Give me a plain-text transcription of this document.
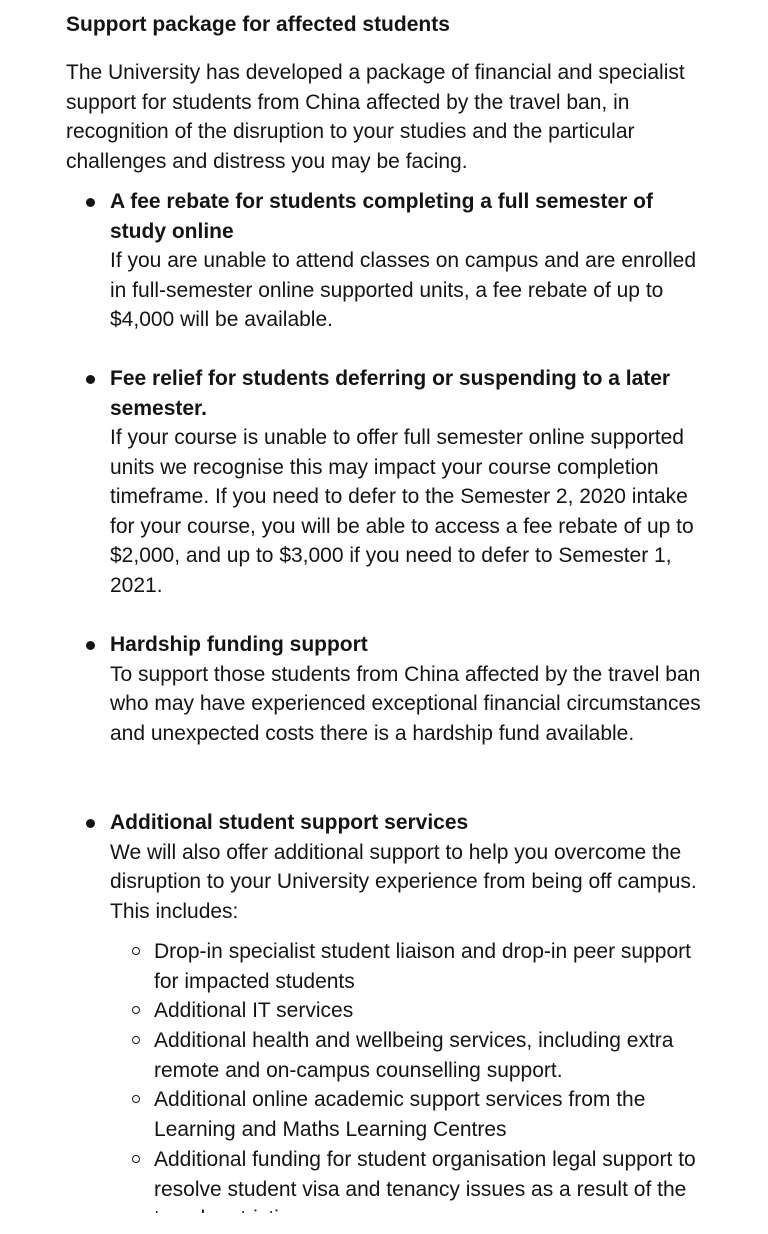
Support package for affected students
The University has developed a package of financial and specialist support for students from China affected by the travel ban, in recognition of the disruption to your studies and the particular challenges and distress you may be facing.
A fee rebate for students completing a full semester of study online
If you are unable to attend classes on campus and are enrolled in full-semester online supported units, a fee rebate of up to $4,000 will be available.
Fee relief for students deferring or suspending to a later semester.
If your course is unable to offer full semester online supported units we recognise this may impact your course completion timeframe. If you need to defer to the Semester 2, 2020 intake for your course, you will be able to access a fee rebate of up to $2,000, and up to $3,000 if you need to defer to Semester 1, 2021.
Hardship funding support
To support those students from China affected by the travel ban who may have experienced exceptional financial circumstances and unexpected costs there is a hardship fund available.
Additional student support services
We will also offer additional support to help you overcome the disruption to your University experience from being off campus. This includes:
Drop-in specialist student liaison and drop-in peer support for impacted students
Additional IT services
Additional health and wellbeing services, including extra remote and on-campus counselling support.
Additional online academic support services from the Learning and Maths Learning Centres
Additional funding for student organisation legal support to resolve student visa and tenancy issues as a result of the
